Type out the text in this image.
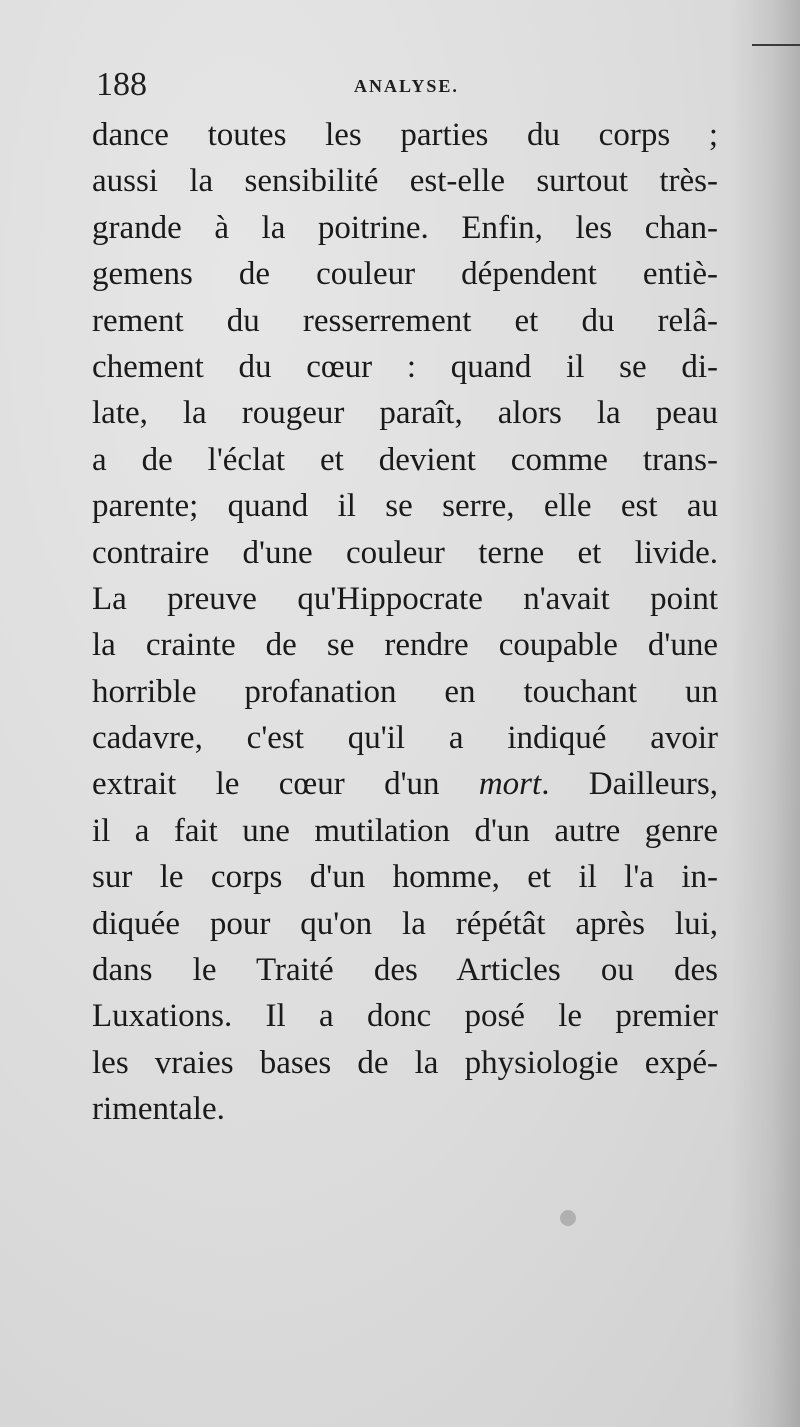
188	ANALYSE.
dance toutes les parties du corps ;
aussi la sensibilité est-elle surtout très-
grande à la poitrine. Enfin, les chan-
gemens de couleur dépendent entiè-
rement du resserrement et du relâ-
chement du cœur : quand il se di-
late, la rougeur paraît, alors la peau
a de l'éclat et devient comme trans-
parente; quand il se serre, elle est au
contraire d'une couleur terne et livide.
La preuve qu'Hippocrate n'avait point
la crainte de se rendre coupable d'une
horrible profanation en touchant un
cadavre, c'est qu'il a indiqué avoir
extrait le cœur d'un mort. Dailleurs,
il a fait une mutilation d'un autre genre
sur le corps d'un homme, et il l'a in-
diquée pour qu'on la répétât après lui,
dans le Traité des Articles ou des
Luxations. Il a donc posé le premier
les vraies bases de la physiologie expé-
rimentale.
